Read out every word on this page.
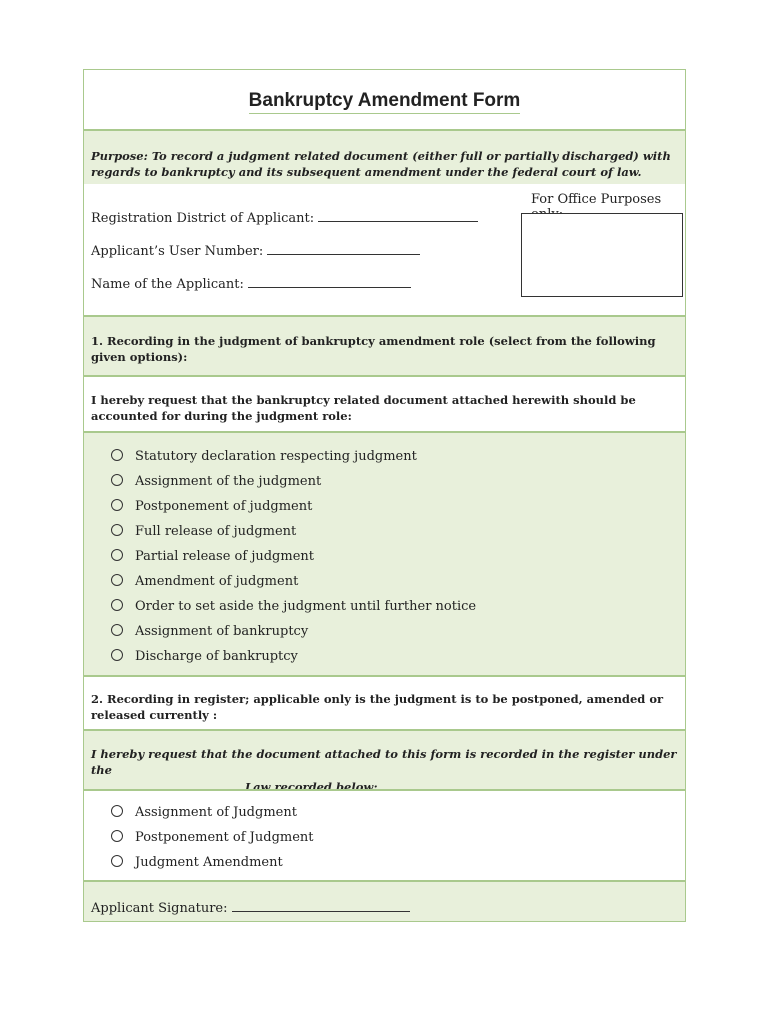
Bankruptcy Amendment Form
Purpose: To record a judgment related document (either full or partially discharged) with regards to bankruptcy and its subsequent amendment under the federal court of law.
For Office Purposes
Registration District of Applicant:
Applicant’s User Number:
Name of the Applicant:
1. Recording in the judgment of bankruptcy amendment role (select from the following given options):
I hereby request that the bankruptcy related document attached herewith should be accounted for during the judgment role:
Statutory declaration respecting judgment
Assignment of the judgment
Postponement of judgment
Full release of judgment
Partial release of judgment
Amendment of judgment
Order to set aside the judgment until further notice
Assignment of bankruptcy
Discharge of bankruptcy
2. Recording in register; applicable only is the judgment is to be postponed, amended or released currently :
I hereby request that the document attached to this form is recorded in the register under the
Law recorded below:
Assignment of Judgment
Postponement of Judgment
Judgment Amendment
Applicant Signature:
